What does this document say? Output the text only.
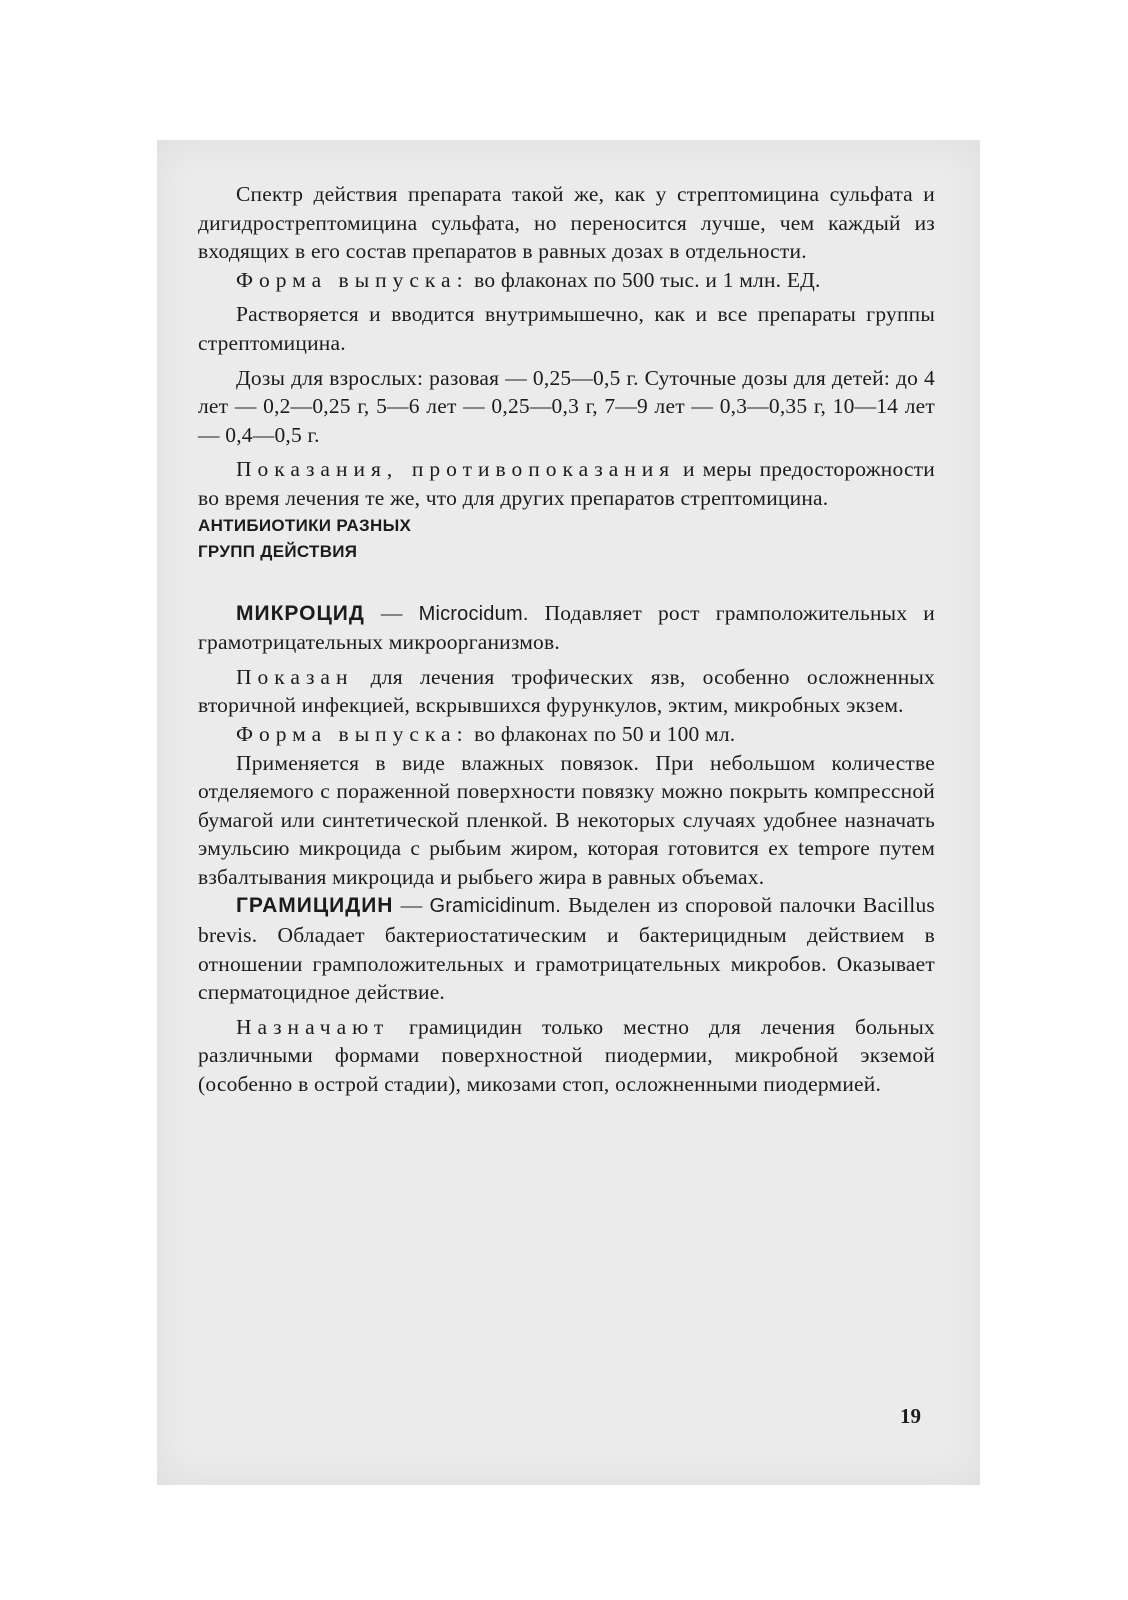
Спектр действия препарата такой же, как у стрептомицина сульфата и дигидрострептомицина сульфата, но переносится лучше, чем каждый из входящих в его состав препаратов в равных дозах в отдельности.

Форма выпуска: во флаконах по 500 тыс. и 1 млн. ЕД.

Растворяется и вводится внутримышечно, как и все препараты группы стрептомицина.

Дозы для взрослых: разовая — 0,25—0,5 г. Суточные дозы для детей: до 4 лет — 0,2—0,25 г, 5—6 лет — 0,25—0,3 г, 7—9 лет — 0,3—0,35 г, 10—14 лет — 0,4—0,5 г.

Показания, противопоказания и меры предосторожности во время лечения те же, что для других препаратов стрептомицина.

АНТИБИОТИКИ РАЗНЫХ
ГРУПП ДЕЙСТВИЯ

МИКРОЦИД — Microcidum. Подавляет рост грамположительных и грамотрицательных микроорганизмов.

Показан для лечения трофических язв, особенно осложненных вторичной инфекцией, вскрывшихся фурункулов, эктим, микробных экзем.

Форма выпуска: во флаконах по 50 и 100 мл.

Применяется в виде влажных повязок. При небольшом количестве отделяемого с пораженной поверхности повязку можно покрыть компрессной бумагой или синтетической пленкой. В некоторых случаях удобнее назначать эмульсию микроцида с рыбьим жиром, которая готовится ex tempore путем взбалтывания микроцида и рыбьего жира в равных объемах.

ГРАМИЦИДИН — Gramicidinum. Выделен из споровой палочки Bacillus brevis. Обладает бактериостатическим и бактерицидным действием в отношении грамположительных и грамотрицательных микробов. Оказывает сперматоцидное действие.

Назначают грамицидин только местно для лечения больных различными формами поверхностной пиодермии, микробной экземой (особенно в острой стадии), микозами стоп, осложненными пиодермией.

19
